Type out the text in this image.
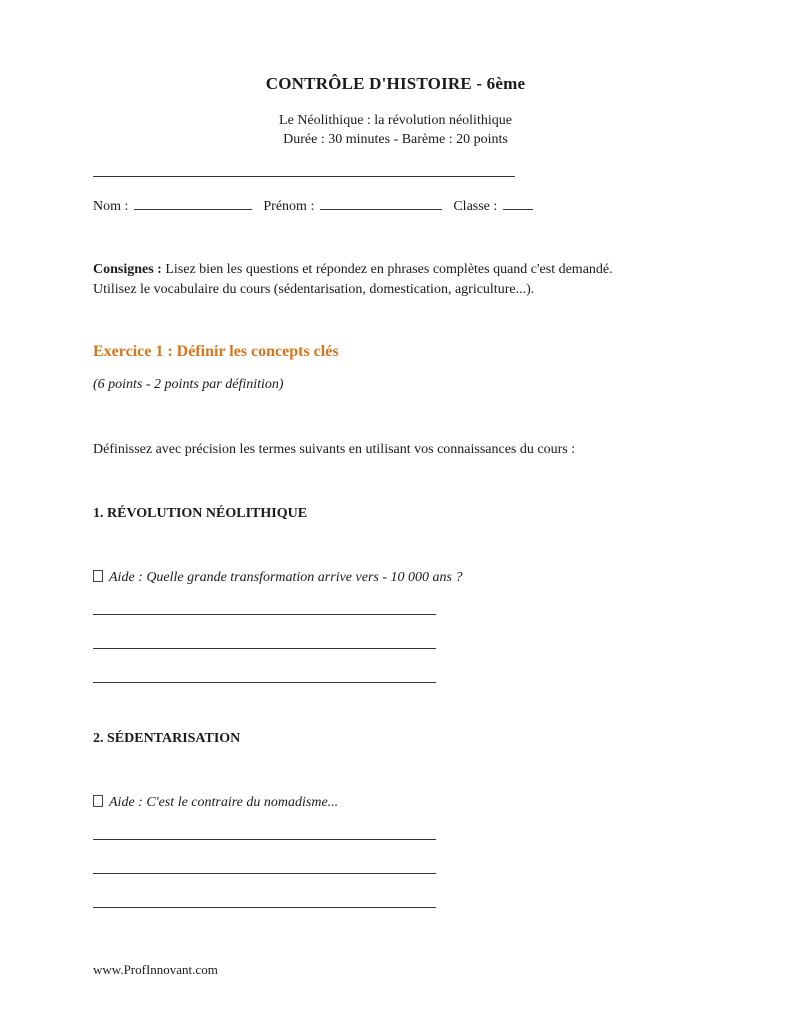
CONTRÔLE D'HISTOIRE - 6ème
Le Néolithique : la révolution néolithique
Durée : 30 minutes - Barème : 20 points
Nom :	Prénom :	Classe :
Consignes : Lisez bien les questions et répondez en phrases complètes quand c'est demandé.
Utilisez le vocabulaire du cours (sédentarisation, domestication, agriculture...).
Exercice 1 : Définir les concepts clés
(6 points - 2 points par définition)
Définissez avec précision les termes suivants en utilisant vos connaissances du cours :
1. RÉVOLUTION NÉOLITHIQUE
Aide : Quelle grande transformation arrive vers - 10 000 ans ?
2. SÉDENTARISATION
Aide : C'est le contraire du nomadisme...
www.ProfInnovant.com
